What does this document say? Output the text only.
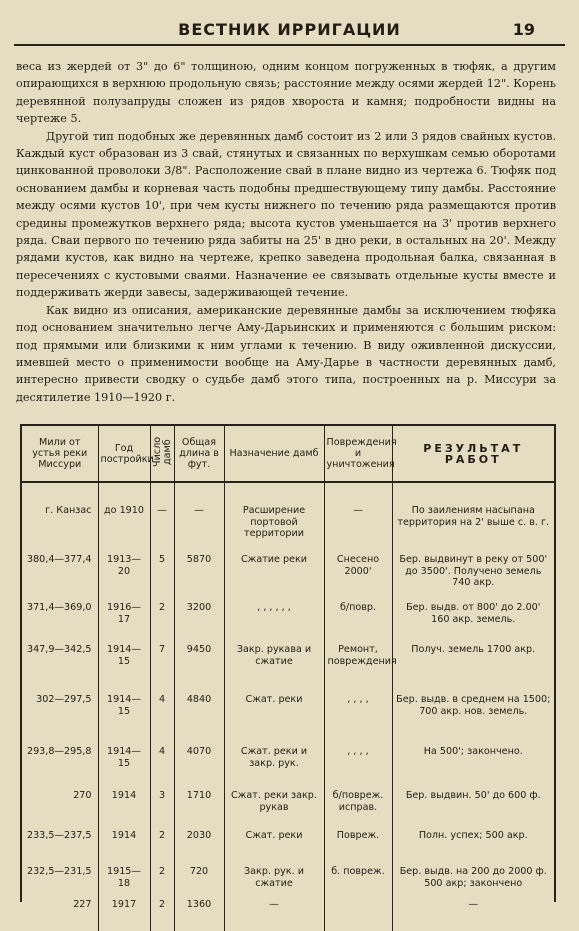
ВЕСТНИК ИРРИГАЦИИ	19

веса из жердей от 3" до 6" толщиною, одним концом погруженных в тюфяк, а другим опирающихся в верхнюю продольную связь; расстояние между осями жердей 12". Корень деревянной полузапруды сложен из рядов хвороста и камня; подробности видны на чертеже 5.

Другой тип подобных же деревянных дамб состоит из 2 или 3 рядов свайных кустов. Каждый куст образован из 3 свай, стянутых и связанных по верхушкам семью оборотами цинкованной проволоки 3/8". Расположение свай в плане видно из чертежа 6. Тюфяк под основанием дамбы и корневая часть подобны предшествующему типу дамбы. Расстояние между осями кустов 10', при чем кусты нижнего по течению ряда размещаются против средины промежутков верхнего ряда; высота кустов уменьшается на 3' против верхнего ряда. Сваи первого по течению ряда забиты на 25' в дно реки, в остальных на 20'. Между рядами кустов, как видно на чертеже, крепко заведена продольная балка, связанная в пересечениях с кустовыми сваями. Назначение ее связывать отдельные кусты вместе и поддерживать жерди завесы, задерживающей течение.

Как видно из описания, американские деревянные дамбы за исключением тюфяка под основанием значительно легче Аму-Дарьинских и применяются с большим риском: под прямыми или близкими к ним углами к течению. В виду оживленной дискуссии, имевшей место о применимости вообще на Аму-Дарье в частности деревянных дамб, интересно привести сводку о судьбе дамб этого типа, построенных на р. Миссури за десятилетие 1910—1920 г.

Мили от устья реки Миссури	Год постройки	Число дамб	Общая длина в фут.	Назначение дамб	Повреждения и уничтожения	РЕЗУЛЬТАТ РАБОТ
г. Канзас	до 1910	—	—	Расширение портовой территории	—	По заилениям насыпана территория на 2' выше с. в. г.
380,4—377,4	1913—20	5	5870	Сжатие реки	Снесено 2000'	Бер. выдвинут в реку от 500' до 3500'. Получено земель 740 акр.
371,4—369,0	1916—17	2	3200	, , , , , ,	б/повр.	Бер. выдв. от 800' до 2.00' 160 акр. земель.
347,9—342,5	1914—15	7	9450	Закр. рукава и сжатие	Ремонт, повреждения	Получ. земель 1700 акр.
302—297,5	1914—15	4	4840	Сжат. реки	, , , ,	Бер. выдв. в среднем на 1500; 700 акр. нов. земель.
293,8—295,8	1914—15	4	4070	Сжат. реки и закр. рук.	, , , ,	На 500'; закончено.
270	1914	3	1710	Сжат. реки закр. рукав	б/повреж. исправ.	Бер. выдвин. 50' до 600 ф.
233,5—237,5	1914	2	2030	Сжат. реки	Повреж.	Полн. успех; 500 акр.
232,5—231,5	1915—18	2	720	Закр. рук. и сжатие	б. повреж.	Бер. выдв. на 200 до 2000 ф. 500 акр; закончено
227	1917	2	1360	—		—
